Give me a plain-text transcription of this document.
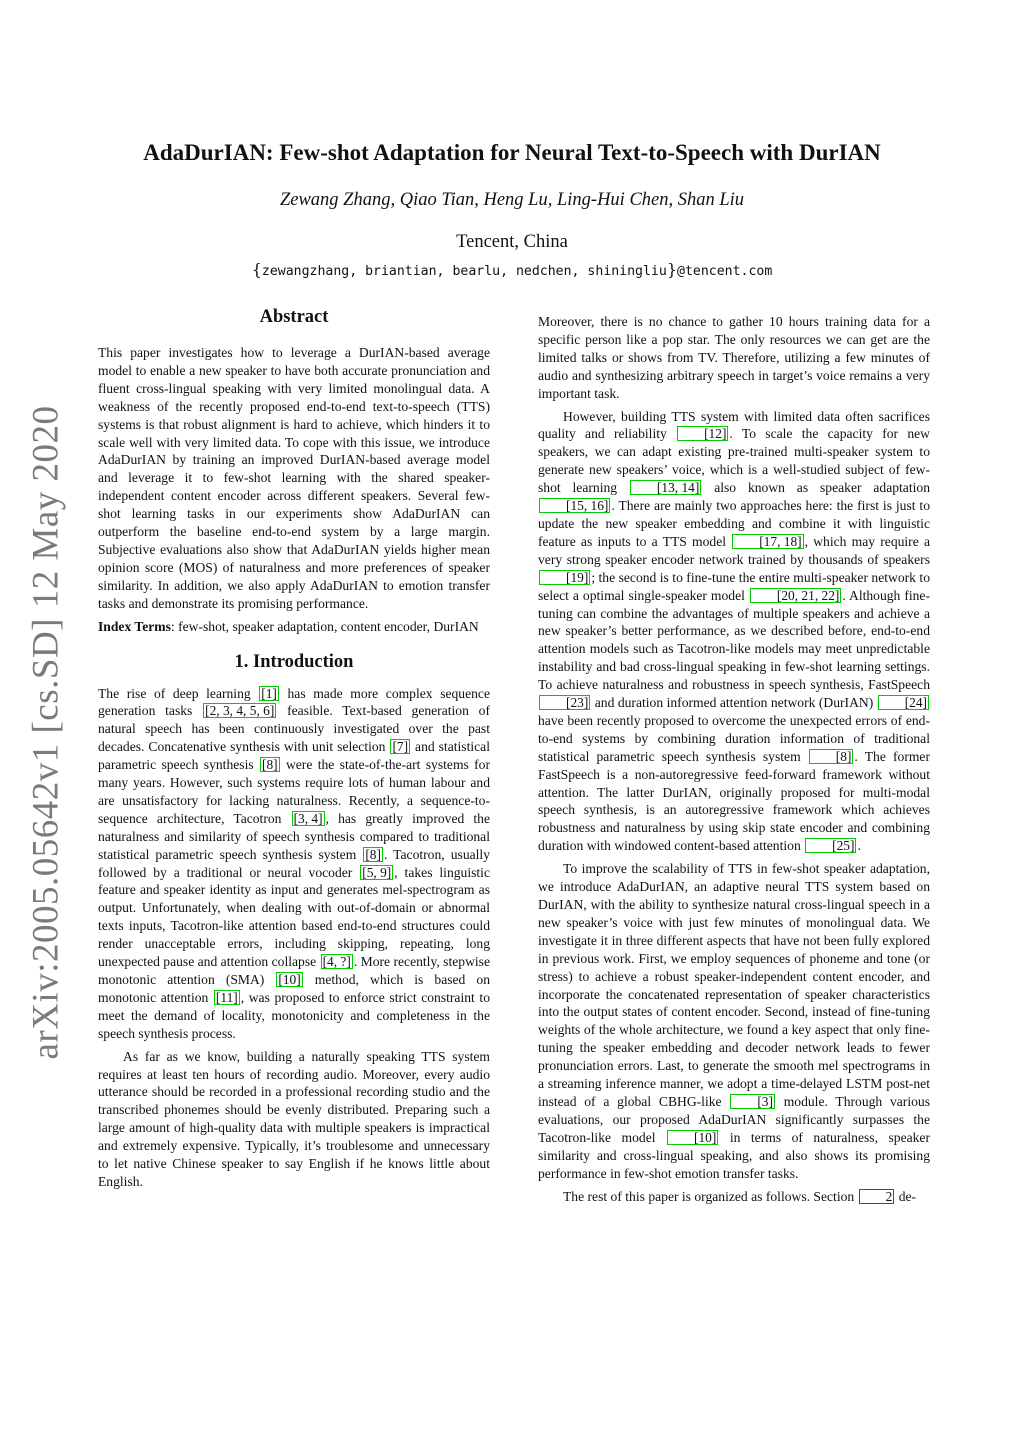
arXiv:2005.05642v1 [cs.SD] 12 May 2020
AdaDurIAN: Few-shot Adaptation for Neural Text-to-Speech with DurIAN
Zewang Zhang, Qiao Tian, Heng Lu, Ling-Hui Chen, Shan Liu
Tencent, China
{zewangzhang, briantian, bearlu, nedchen, shiningliu}@tencent.com
Abstract

This paper investigates how to leverage a DurIAN-based average model to enable a new speaker to have both accurate pronunciation and fluent cross-lingual speaking with very limited monolingual data. A weakness of the recently proposed end-to-end text-to-speech (TTS) systems is that robust alignment is hard to achieve, which hinders it to scale well with very limited data. To cope with this issue, we introduce AdaDurIAN by training an improved DurIAN-based average model and leverage it to few-shot learning with the shared speaker-independent content encoder across different speakers. Several few-shot learning tasks in our experiments show AdaDurIAN can outperform the baseline end-to-end system by a large margin. Subjective evaluations also show that AdaDurIAN yields higher mean opinion score (MOS) of naturalness and more preferences of speaker similarity. In addition, we also apply AdaDurIAN to emotion transfer tasks and demonstrate its promising performance.

Index Terms: few-shot, speaker adaptation, content encoder, DurIAN

1. Introduction

The rise of deep learning [1] has made more complex sequence generation tasks [2, 3, 4, 5, 6] feasible. Text-based generation of natural speech has been continuously investigated over the past decades. Concatenative synthesis with unit selection [7] and statistical parametric speech synthesis [8] were the state-of-the-art systems for many years. However, such systems require lots of human labour and are unsatisfactory for lacking naturalness. Recently, a sequence-to-sequence architecture, Tacotron [3, 4] , has greatly improved the naturalness and similarity of speech synthesis compared to traditional statistical parametric speech synthesis system [8] . Tacotron, usually followed by a traditional or neural vocoder [5, 9] , takes linguistic feature and speaker identity as input and generates mel-spectrogram as output. Unfortunately, when dealing with out-of-domain or abnormal texts inputs, Tacotron-like attention based end-to-end structures could render unacceptable errors, including skipping, repeating, long unexpected pause and attention collapse [4, ?] . More recently, stepwise monotonic attention (SMA) [10] method, which is based on monotonic attention [11] , was proposed to enforce strict constraint to meet the demand of locality, monotonicity and completeness in the speech synthesis process.

As far as we know, building a naturally speaking TTS system requires at least ten hours of recording audio. Moreover, every audio utterance should be recorded in a professional recording studio and the transcribed phonemes should be evenly distributed. Preparing such a large amount of high-quality data with multiple speakers is impractical and extremely expensive. Typically, it’s troublesome and unnecessary to let native Chinese speaker to say English if he knows little about English.

Moreover, there is no chance to gather 10 hours training data for a specific person like a pop star. The only resources we can get are the limited talks or shows from TV. Therefore, utilizing a few minutes of audio and synthesizing arbitrary speech in target’s voice remains a very important task.

However, building TTS system with limited data often sacrifices quality and reliability [12] . To scale the capacity for new speakers, we can adapt existing pre-trained multi-speaker system to generate new speakers’ voice, which is a well-studied subject of few-shot learning [13, 14] also known as speaker adaptation [15, 16] . There are mainly two approaches here: the first is just to update the new speaker embedding and combine it with linguistic feature as inputs to a TTS model [17, 18] , which may require a very strong speaker encoder network trained by thousands of speakers [19] ; the second is to fine-tune the entire multi-speaker network to select a optimal single-speaker model [20, 21, 22] . Although fine-tuning can combine the advantages of multiple speakers and achieve a new speaker’s better performance, as we described before, end-to-end attention models such as Tacotron-like models may meet unpredictable instability and bad cross-lingual speaking in few-shot learning settings. To achieve naturalness and robustness in speech synthesis, FastSpeech [23] and duration informed attention network (DurIAN) [24] have been recently proposed to overcome the unexpected errors of end-to-end systems by combining duration information of traditional statistical parametric speech synthesis system [8] . The former FastSpeech is a non-autoregressive feed-forward framework without attention. The latter DurIAN, originally proposed for multi-modal speech synthesis, is an autoregressive framework which achieves robustness and naturalness by using skip state encoder and combining duration with windowed content-based attention [25] .

To improve the scalability of TTS in few-shot speaker adaptation, we introduce AdaDurIAN, an adaptive neural TTS system based on DurIAN, with the ability to synthesize natural cross-lingual speech in a new speaker’s voice with just few minutes of monolingual data. We investigate it in three different aspects that have not been fully explored in previous work. First, we employ sequences of phoneme and tone (or stress) to achieve a robust speaker-independent content encoder, and incorporate the concatenated representation of speaker characteristics into the output states of content encoder. Second, instead of fine-tuning weights of the whole architecture, we found a key aspect that only fine-tuning the speaker embedding and decoder network leads to fewer pronunciation errors. Last, to generate the smooth mel spectrograms in a streaming inference manner, we adopt a time-delayed LSTM post-net instead of a global CBHG-like [3] module. Through various evaluations, our proposed AdaDurIAN significantly surpasses the Tacotron-like model [10] in terms of naturalness, speaker similarity and cross-lingual speaking, and also shows its promising performance in few-shot emotion transfer tasks.

The rest of this paper is organized as follows. Section 2 de-
